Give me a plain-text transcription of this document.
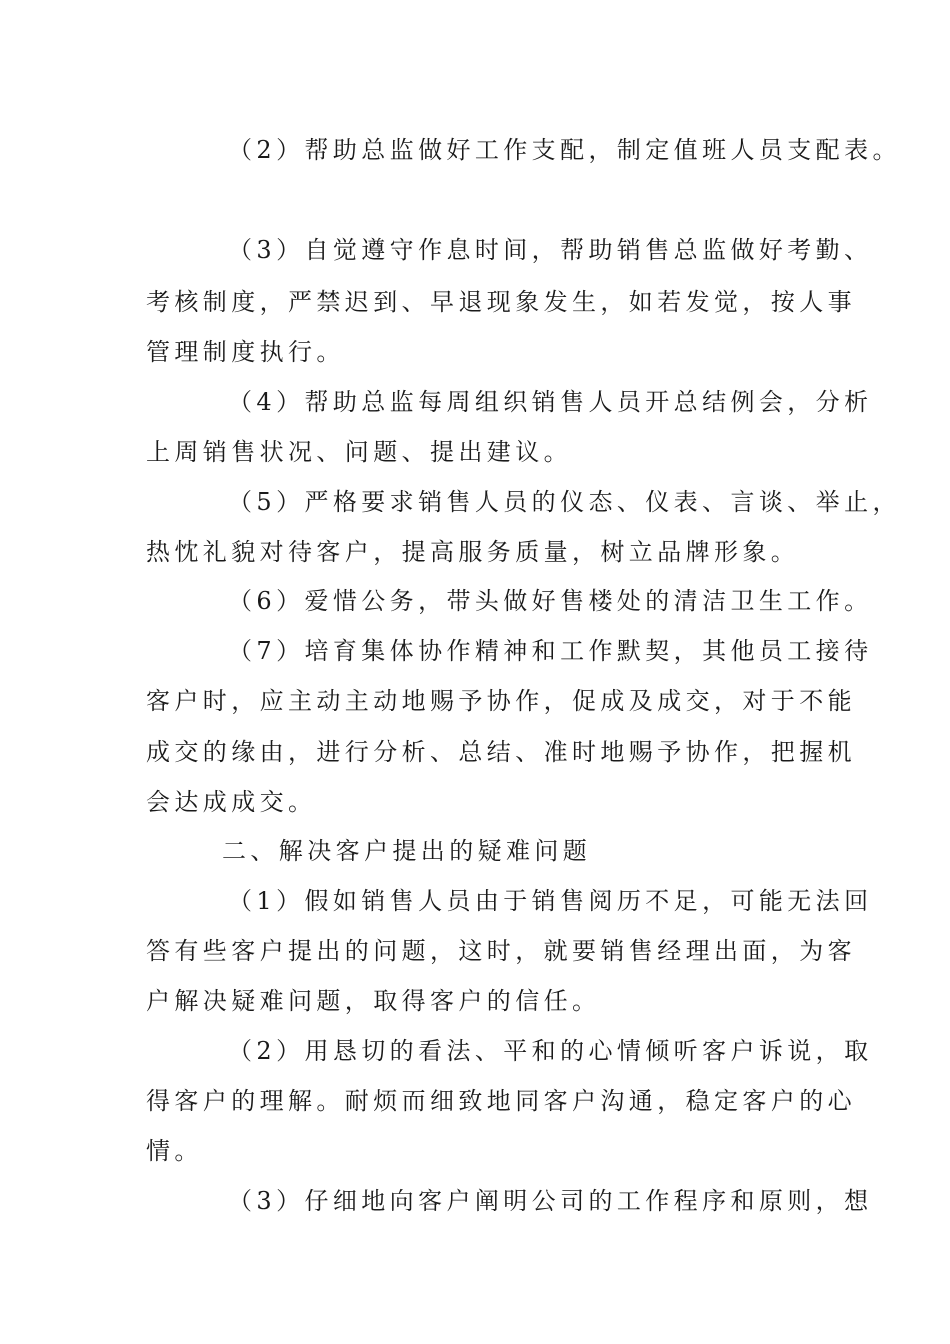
（2）帮助总监做好工作支配，制定值班人员支配表。
（3）自觉遵守作息时间，帮助销售总监做好考勤、
考核制度，严禁迟到、早退现象发生，如若发觉，按人事
管理制度执行。
（4）帮助总监每周组织销售人员开总结例会，分析
上周销售状况、问题、提出建议。
（5）严格要求销售人员的仪态、仪表、言谈、举止，
热忱礼貌对待客户，提高服务质量，树立品牌形象。
（6）爱惜公务，带头做好售楼处的清洁卫生工作。
（7）培育集体协作精神和工作默契，其他员工接待
客户时，应主动主动地赐予协作，促成及成交，对于不能
成交的缘由，进行分析、总结、准时地赐予协作，把握机
会达成成交。
二、解决客户提出的疑难问题
（1）假如销售人员由于销售阅历不足，可能无法回
答有些客户提出的问题，这时，就要销售经理出面，为客
户解决疑难问题，取得客户的信任。
（2）用恳切的看法、平和的心情倾听客户诉说，取
得客户的理解。耐烦而细致地同客户沟通，稳定客户的心
情。
（3）仔细地向客户阐明公司的工作程序和原则，想
